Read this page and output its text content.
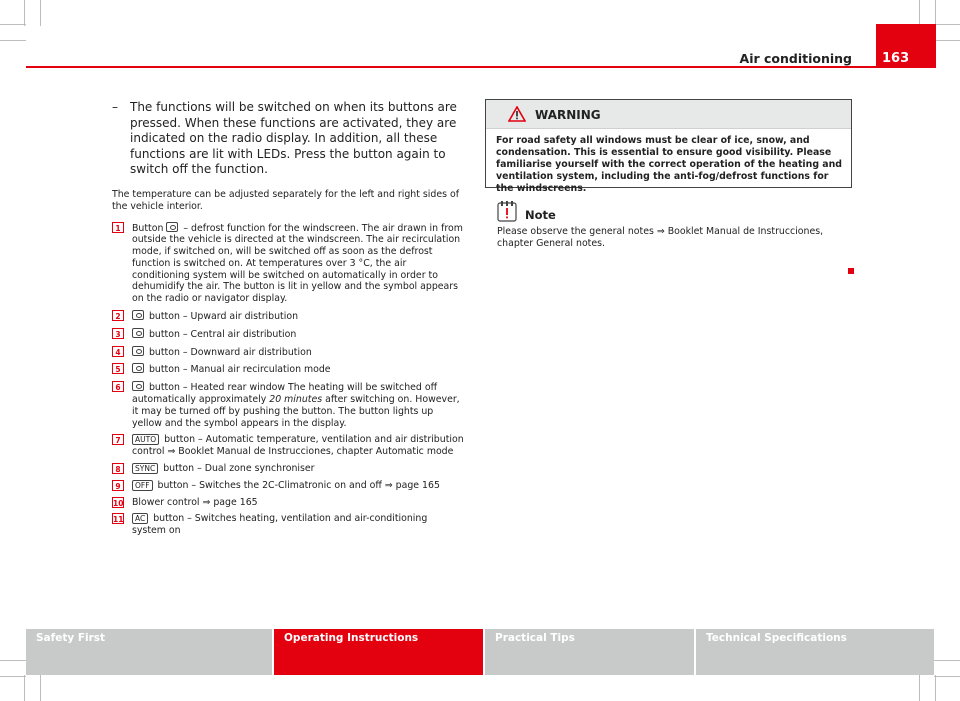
Air conditioning 163
– The functions will be switched on when its buttons are pressed. When these functions are activated, they are indicated on the radio display. In addition, all these functions are lit with LEDs. Press the button again to switch off the function.
The temperature can be adjusted separately for the left and right sides of the vehicle interior.
1	Button – defrost function for the windscreen. The air drawn in from outside the vehicle is directed at the windscreen. The air recirculation mode, if switched on, will be switched off as soon as the defrost function is switched on. At temperatures over 3 °C, the air conditioning system will be switched on automatically in order to dehumidify the air. The button is lit in yellow and the symbol appears on the radio or navigator display.
2	button – Upward air distribution
3	button – Central air distribution
4	button – Downward air distribution
5	button – Manual air recirculation mode
6	button – Heated rear window The heating will be switched off automatically approximately 20 minutes after switching on. However, it may be turned off by pushing the button. The button lights up yellow and the symbol appears in the display.
7	AUTO button – Automatic temperature, ventilation and air distribution control ⇒ Booklet Manual de Instrucciones, chapter Automatic mode
8	SYNC button – Dual zone synchroniser
9	OFF button – Switches the 2C-Climatronic on and off ⇒ page 165
10 Blower control ⇒ page 165
11 AC button – Switches heating, ventilation and air-conditioning system on
WARNING
For road safety all windows must be clear of ice, snow, and condensation. This is essential to ensure good visibility. Please familiarise yourself with the correct operation of the heating and ventilation system, including the anti-fog/defrost functions for the windscreens.
Note
Please observe the general notes ⇒ Booklet Manual de Instrucciones, chapter General notes.
Safety First	Operating Instructions	Practical Tips	Technical Specifications
